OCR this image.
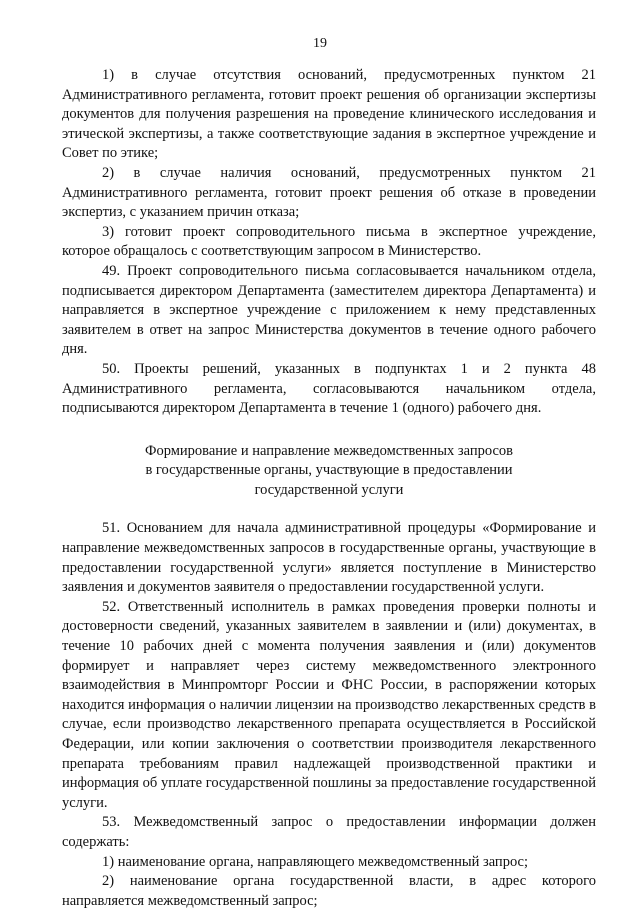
19

1) в случае отсутствия оснований, предусмотренных пунктом 21 Административного регламента, готовит проект решения об организации экспертизы документов для получения разрешения на проведение клинического исследования и этической экспертизы, а также соответствующие задания в экспертное учреждение и Совет по этике;

2) в случае наличия оснований, предусмотренных пунктом 21 Административного регламента, готовит проект решения об отказе в проведении экспертиз, с указанием причин отказа;

3) готовит проект сопроводительного письма в экспертное учреждение, которое обращалось с соответствующим запросом в Министерство.

49. Проект сопроводительного письма согласовывается начальником отдела, подписывается директором Департамента (заместителем директора Департамента) и направляется в экспертное учреждение с приложением к нему представленных заявителем в ответ на запрос Министерства документов в течение одного рабочего дня.

50. Проекты решений, указанных в подпунктах 1 и 2 пункта 48 Административного регламента, согласовываются начальником отдела, подписываются директором Департамента в течение 1 (одного) рабочего дня.

Формирование и направление межведомственных запросов
в государственные органы, участвующие в предоставлении
государственной услуги

51. Основанием для начала административной процедуры «Формирование и направление межведомственных запросов в государственные органы, участвующие в предоставлении государственной услуги» является поступление в Министерство заявления и документов заявителя о предоставлении государственной услуги.

52. Ответственный исполнитель в рамках проведения проверки полноты и достоверности сведений, указанных заявителем в заявлении и (или) документах, в течение 10 рабочих дней с момента получения заявления и (или) документов формирует и направляет через систему межведомственного электронного взаимодействия в Минпромторг России и ФНС России, в распоряжении которых находится информация о наличии лицензии на производство лекарственных средств в случае, если производство лекарственного препарата осуществляется в Российской Федерации, или копии заключения о соответствии производителя лекарственного препарата требованиям правил надлежащей производственной практики и информация об уплате государственной пошлины за предоставление государственной услуги.

53. Межведомственный запрос о предоставлении информации должен содержать:

1) наименование органа, направляющего межведомственный запрос;

2) наименование органа государственной власти, в адрес которого направляется межведомственный запрос;
